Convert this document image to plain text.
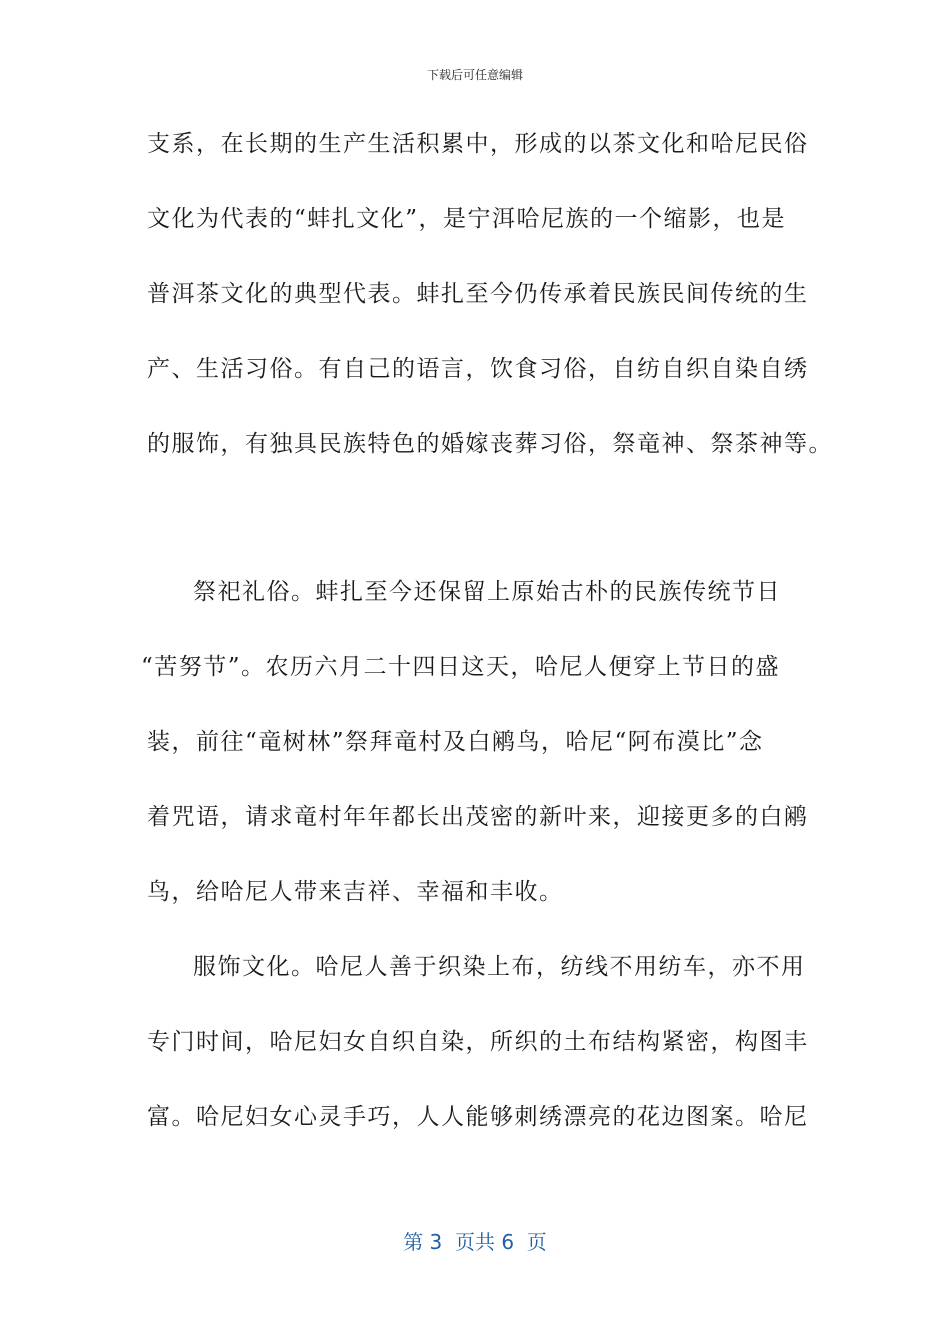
下载后可任意编辑
支系，在长期的生产生活积累中，形成的以茶文化和哈尼民俗
文化为代表的“蚌扎文化”，是宁洱哈尼族的一个缩影，也是
普洱茶文化的典型代表。蚌扎至今仍传承着民族民间传统的生
产、生活习俗。有自己的语言，饮食习俗，自纺自织自染自绣
的服饰，有独具民族特色的婚嫁丧葬习俗，祭竜神、祭茶神等。
祭祀礼俗。蚌扎至今还保留上原始古朴的民族传统节日
“苦努节”。农历六月二十四日这天，哈尼人便穿上节日的盛
装，前往“竜树林”祭拜竜村及白鹇鸟，哈尼“阿布漠比”念
着咒语，请求竜村年年都长出茂密的新叶来，迎接更多的白鹇
鸟，给哈尼人带来吉祥、幸福和丰收。
服饰文化。哈尼人善于织染上布，纺线不用纺车，亦不用
专门时间，哈尼妇女自织自染，所织的土布结构紧密，构图丰
富。哈尼妇女心灵手巧，人人能够刺绣漂亮的花边图案。哈尼
第 3  页共 6  页
